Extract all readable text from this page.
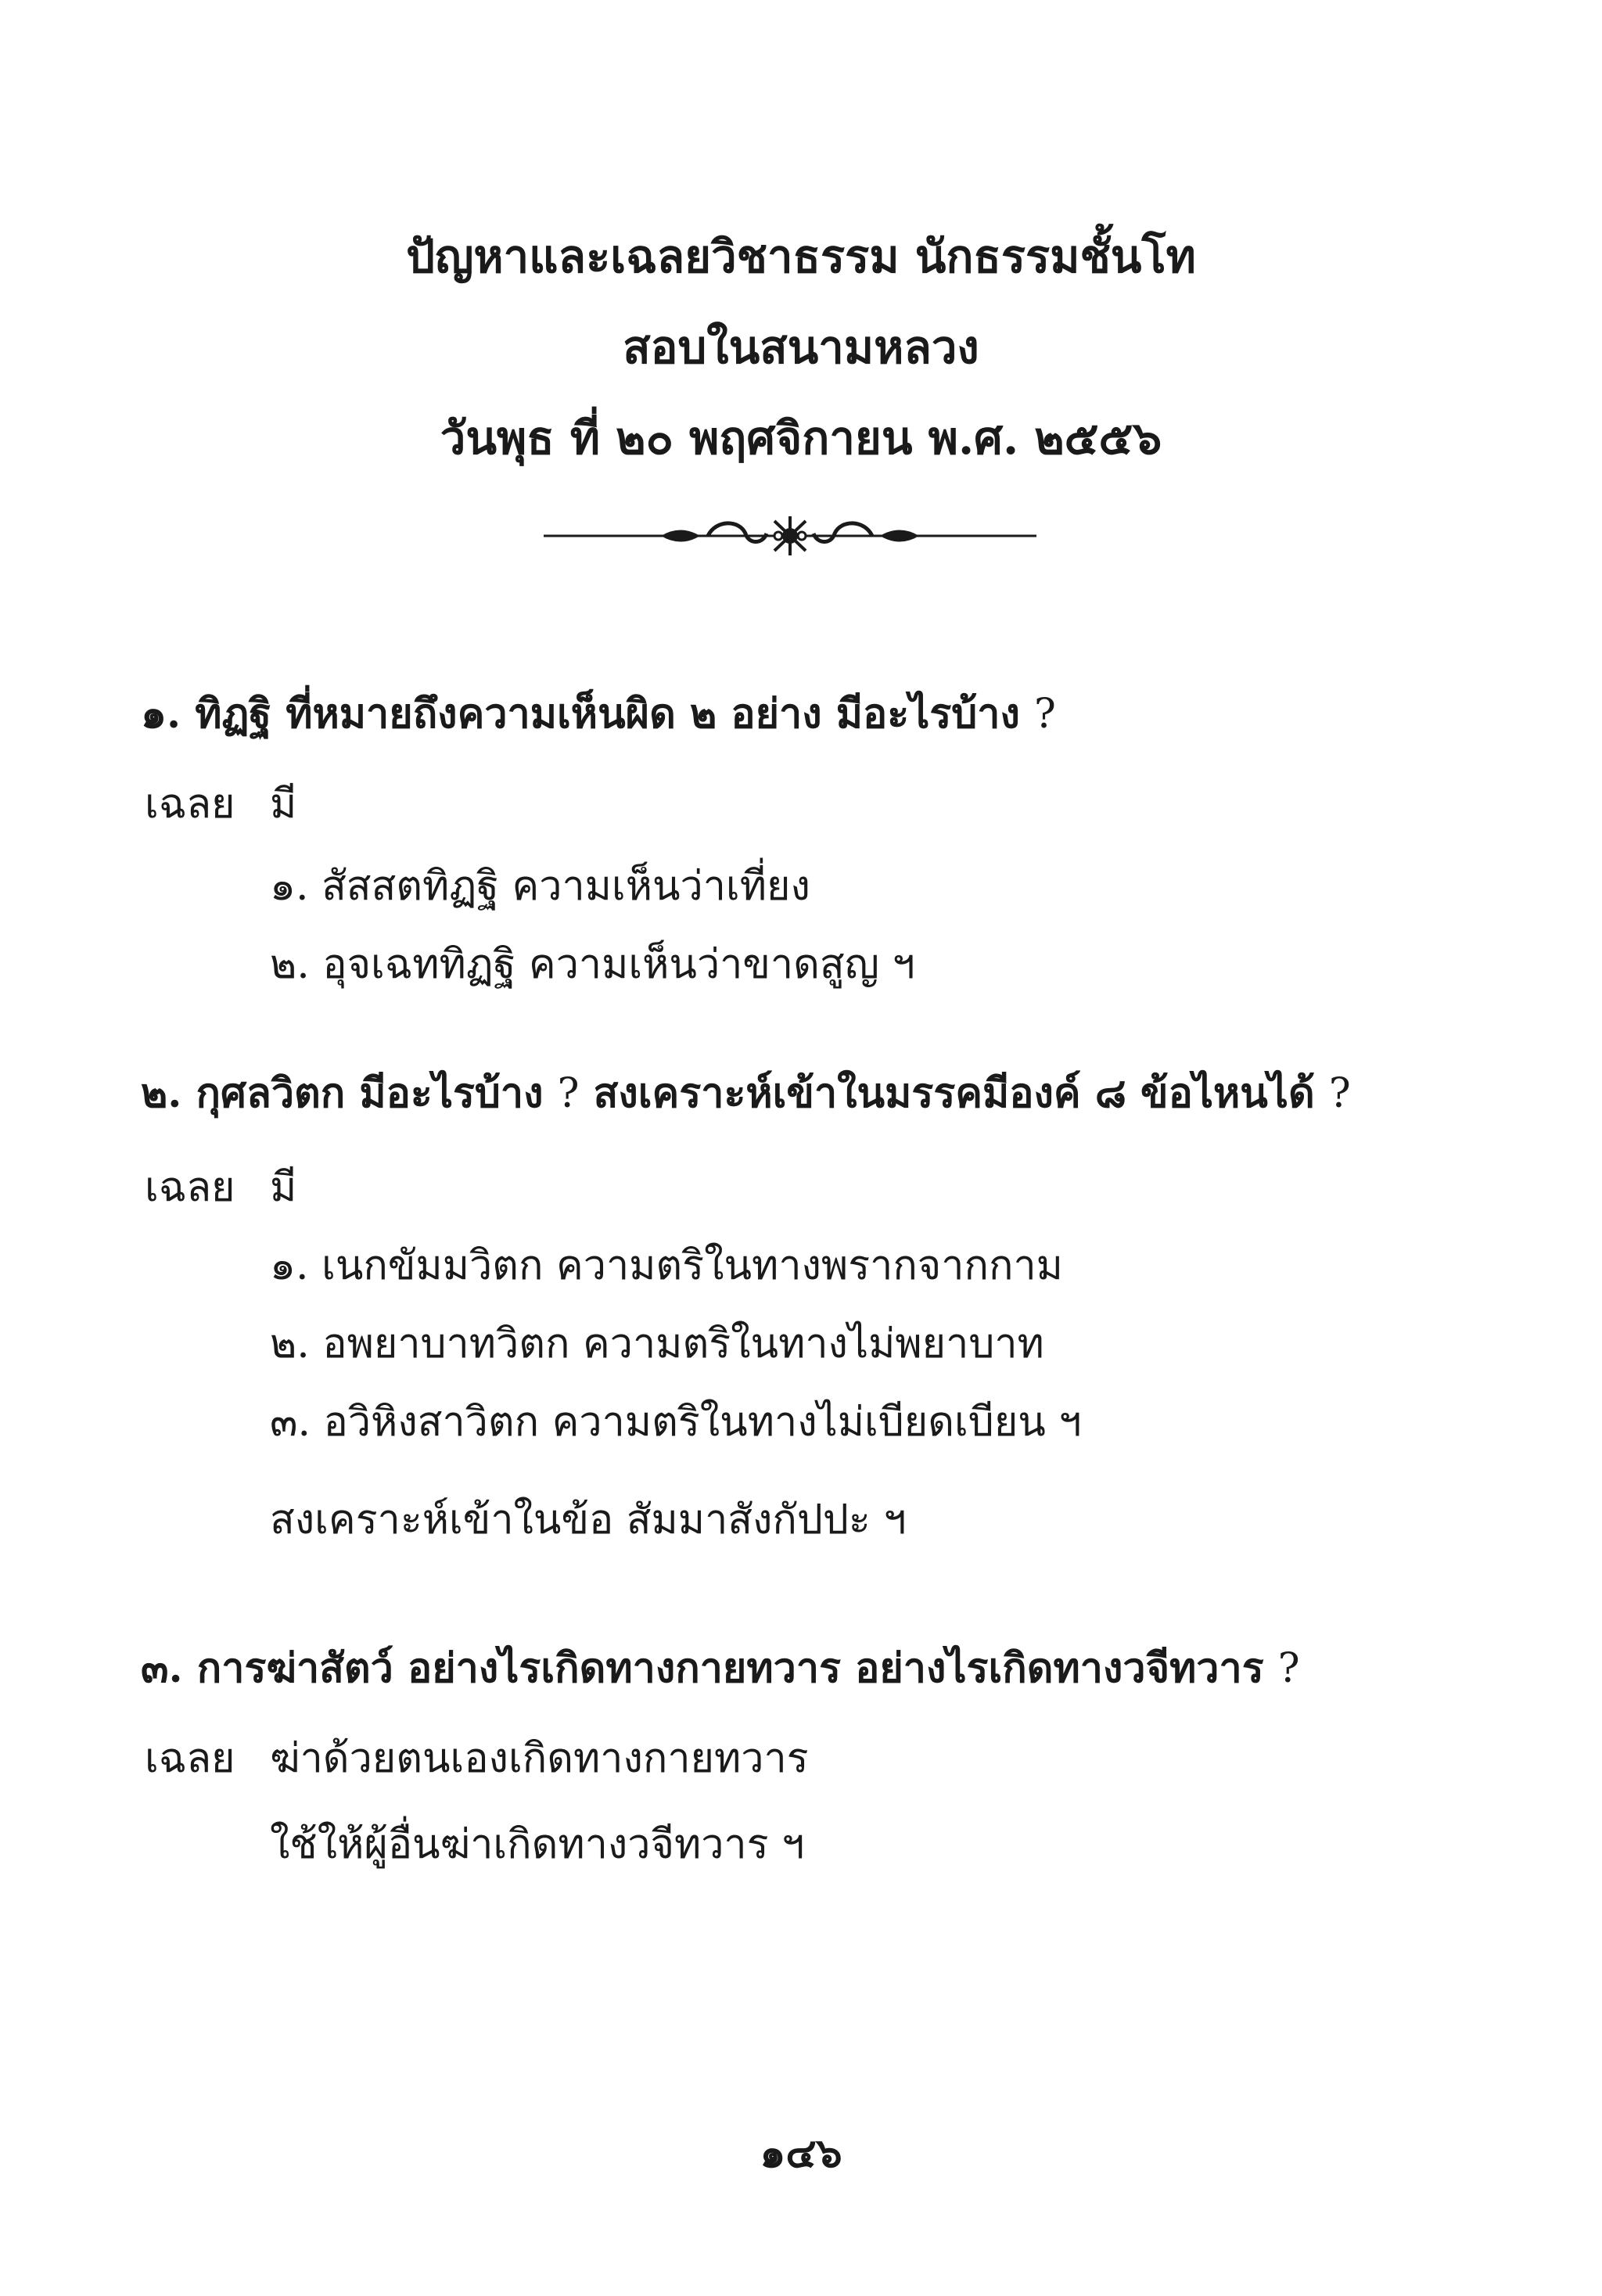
ปัญหาและเฉลยวิชาธรรม นักธรรมชั้นโท
สอบในสนามหลวง
วันพุธ ที่ ๒๐ พฤศจิกายน พ.ศ. ๒๕๕๖
๑. ทิฏฐิ ที่หมายถึงความเห็นผิด ๒ อย่าง มีอะไรบ้าง ?
เฉลย มี
๑. สัสสตทิฏฐิ ความเห็นว่าเที่ยง
๒. อุจเฉททิฏฐิ ความเห็นว่าขาดสูญ ฯ
๒. กุศลวิตก มีอะไรบ้าง ? สงเคราะห์เข้าในมรรคมีองค์ ๘ ข้อไหนได้ ?
เฉลย มี
๑. เนกขัมมวิตก ความตริในทางพรากจากกาม
๒. อพยาบาทวิตก ความตริในทางไม่พยาบาท
๓. อวิหิงสาวิตก ความตริในทางไม่เบียดเบียน ฯ
สงเคราะห์เข้าในข้อ สัมมาสังกัปปะ ฯ
๓. การฆ่าสัตว์ อย่างไรเกิดทางกายทวาร อย่างไรเกิดทางวจีทวาร ?
เฉลย ฆ่าด้วยตนเองเกิดทางกายทวาร
ใช้ให้ผู้อื่นฆ่าเกิดทางวจีทวาร ฯ
๑๔๖
